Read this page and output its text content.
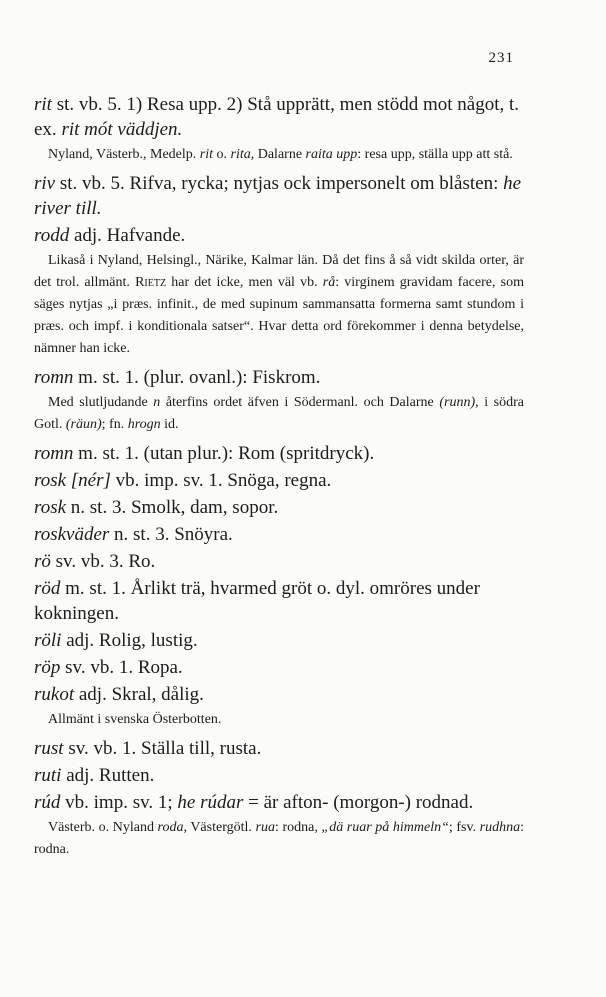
231
rit st. vb. 5. 1) Resa upp. 2) Stå upprätt, men stödd mot något, t. ex. rit mót väddjen.
Nyland, Västerb., Medelp. rit o. rita, Dalarne raita upp: resa upp, ställa upp att stå.
riv st. vb. 5. Rifva, rycka; nytjas ock impersonelt om blåsten: he river till.
rodd adj. Hafvande.
Likaså i Nyland, Helsingl., Närike, Kalmar län. Då det fins å så vidt skilda orter, är det trol. allmänt. Rietz har det icke, men väl vb. rå: virginem gravidam facere, som säges nytjas „i præs. infinit., de med supinum sammansatta formerna samt stundom i præs. och impf. i konditionala satser“. Hvar detta ord förekommer i denna betydelse, nämner han icke.
romn m. st. 1. (plur. ovanl.): Fiskrom.
Med slutljudande n återfins ordet äfven i Södermanl. och Dalarne (runn), i södra Gotl. (räun); fn. hrogn id.
romn m. st. 1. (utan plur.): Rom (spritdryck).
rosk [nér] vb. imp. sv. 1. Snöga, regna.
rosk n. st. 3. Smolk, dam, sopor.
roskväder n. st. 3. Snöyra.
rö sv. vb. 3. Ro.
röd m. st. 1. Årlikt trä, hvarmed gröt o. dyl. omröres under kokningen.
röli adj. Rolig, lustig.
röp sv. vb. 1. Ropa.
rukot adj. Skral, dålig.
Allmänt i svenska Österbotten.
rust sv. vb. 1. Ställa till, rusta.
ruti adj. Rutten.
rúd vb. imp. sv. 1; he rúdar = är afton- (morgon-) rodnad.
Västerb. o. Nyland roda, Västergötl. rua: rodna, „dä ruar på himmeln“; fsv. rudhna: rodna.
